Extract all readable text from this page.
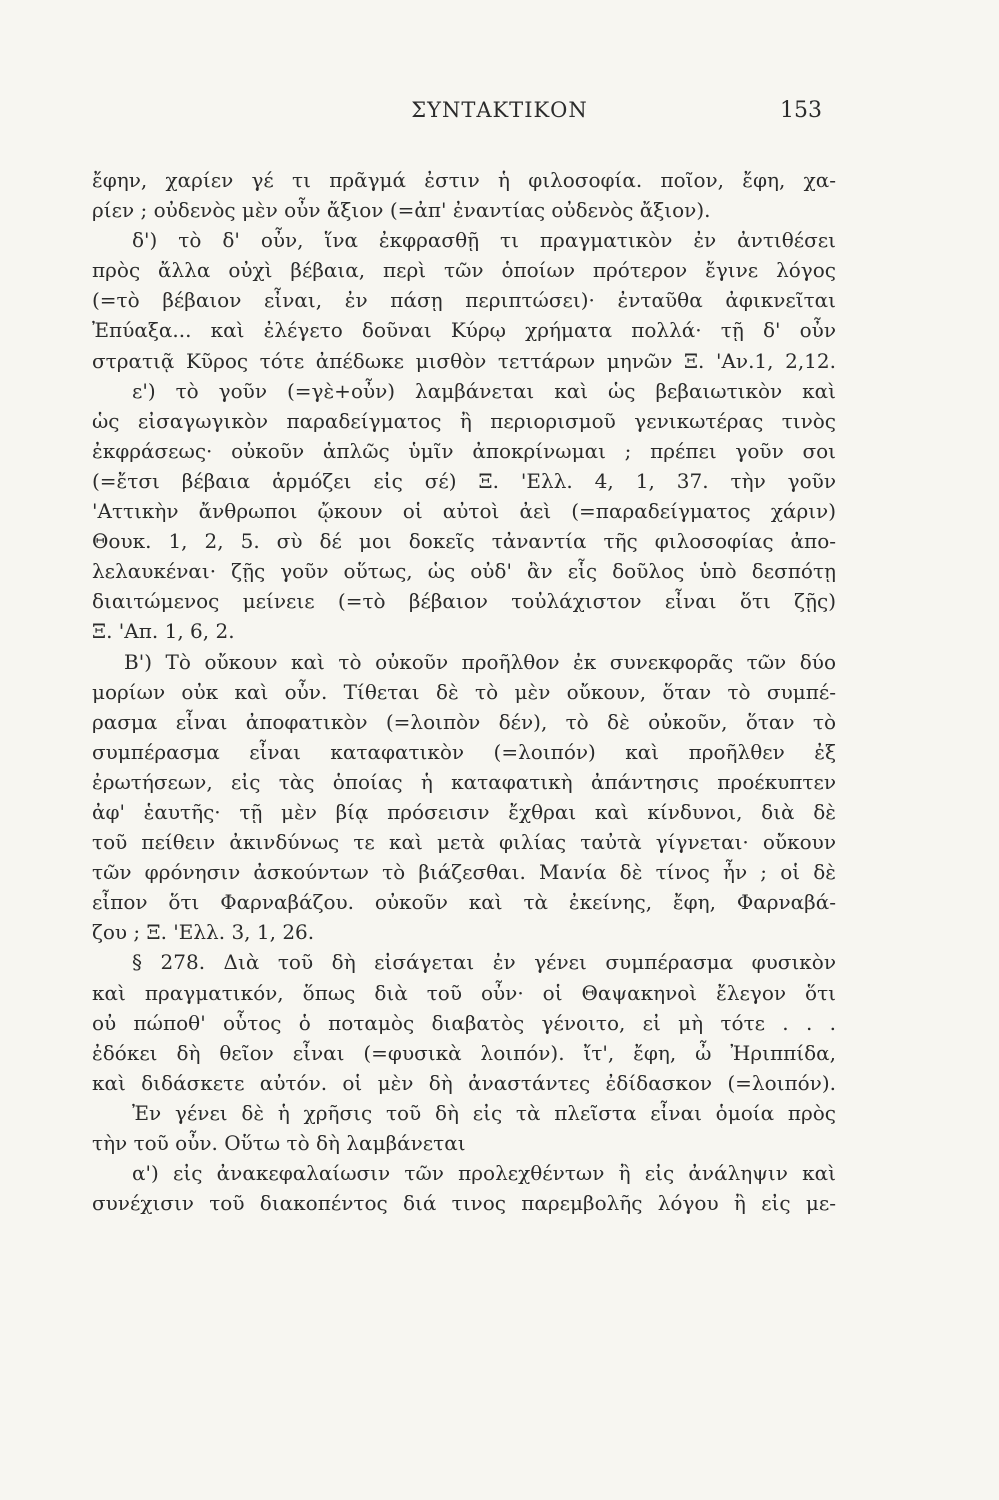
ΣΥΝΤΑΚΤΙΚΟΝ	153
ἔφην, χαρίεν γέ τι πρᾶγμά ἐστιν ἡ φιλοσοφία. ποῖον, ἔφη, χα-
ρίεν ; οὐδενὸς μὲν οὖν ἄξιον (=ἀπ' ἐναντίας οὐδενὸς ἄξιον).
δ') τὸ δ' οὖν, ἵνα ἐκφρασθῇ τι πραγματικὸν ἐν ἀντιθέσει
πρὸς ἄλλα οὐχὶ βέβαια, περὶ τῶν ὁποίων πρότερον ἔγινε λόγος
(=τὸ βέβαιον εἶναι, ἐν πάσῃ περιπτώσει)· ἐνταῦθα ἀφικνεῖται
Ἐπύαξα... καὶ ἐλέγετο δοῦναι Κύρῳ χρήματα πολλά· τῇ δ' οὖν
στρατιᾷ Κῦρος τότε ἀπέδωκε μισθὸν τεττάρων μηνῶν Ξ. 'Αν.1, 2,12.
ε') τὸ γοῦν (=γὲ+οὖν) λαμβάνεται καὶ ὡς βεβαιωτικὸν καὶ
ὡς εἰσαγωγικὸν παραδείγματος ἢ περιορισμοῦ γενικωτέρας τινὸς
ἐκφράσεως· οὐκοῦν ἁπλῶς ὑμῖν ἀποκρίνωμαι ; πρέπει γοῦν σοι
(=ἔτσι βέβαια ἁρμόζει εἰς σέ) Ξ. 'Ελλ. 4, 1, 37. τὴν γοῦν
'Αττικὴν ἄνθρωποι ᾤκουν οἱ αὐτοὶ ἀεὶ (=παραδείγματος χάριν)
Θουκ. 1, 2, 5. σὺ δέ μοι δοκεῖς τἀναντία τῆς φιλοσοφίας ἀπο-
λελαυκέναι· ζῇς γοῦν οὕτως, ὡς οὐδ' ἂν εἷς δοῦλος ὑπὸ δεσπότῃ
διαιτώμενος μείνειε (=τὸ βέβαιον τοὐλάχιστον εἶναι ὅτι ζῇς)
Ξ. 'Απ. 1, 6, 2.
Β') Τὸ οὔκουν καὶ τὸ οὐκοῦν προῆλθον ἐκ συνεκφορᾶς τῶν δύο
μορίων οὐκ καὶ οὖν. Τίθεται δὲ τὸ μὲν οὔκουν, ὅταν τὸ συμπέ-
ρασμα εἶναι ἀποφατικὸν (=λοιπὸν δέν), τὸ δὲ οὐκοῦν, ὅταν τὸ
συμπέρασμα εἶναι καταφατικὸν (=λοιπόν) καὶ προῆλθεν ἐξ
ἐρωτήσεων, εἰς τὰς ὁποίας ἡ καταφατικὴ ἀπάντησις προέκυπτεν
ἀφ' ἑαυτῆς· τῇ μὲν βίᾳ πρόσεισιν ἔχθραι καὶ κίνδυνοι, διὰ δὲ
τοῦ πείθειν ἀκινδύνως τε καὶ μετὰ φιλίας ταὐτὰ γίγνεται· οὔκουν
τῶν φρόνησιν ἀσκούντων τὸ βιάζεσθαι. Μανία δὲ τίνος ἦν ; οἱ δὲ
εἶπον ὅτι Φαρναβάζου. οὐκοῦν καὶ τὰ ἐκείνης, ἔφη, Φαρναβά-
ζου ; Ξ. 'Ελλ. 3, 1, 26.
§ 278. Διὰ τοῦ δὴ εἰσάγεται ἐν γένει συμπέρασμα φυσικὸν
καὶ πραγματικόν, ὅπως διὰ τοῦ οὖν· οἱ Θαψακηνοὶ ἔλεγον ὅτι
οὐ πώποθ' οὗτος ὁ ποταμὸς διαβατὸς γένοιτο, εἰ μὴ τότε . . .
ἐδόκει δὴ θεῖον εἶναι (=φυσικὰ λοιπόν). ἴτ', ἔφη, ὦ Ἠριππίδα,
καὶ διδάσκετε αὐτόν. οἱ μὲν δὴ ἀναστάντες ἐδίδασκον (=λοιπόν).
Ἐν γένει δὲ ἡ χρῆσις τοῦ δὴ εἰς τὰ πλεῖστα εἶναι ὁμοία πρὸς
τὴν τοῦ οὖν. Οὕτω τὸ δὴ λαμβάνεται
α') εἰς ἀνακεφαλαίωσιν τῶν προλεχθέντων ἢ εἰς ἀνάληψιν καὶ
συνέχισιν τοῦ διακοπέντος διά τινος παρεμβολῆς λόγου ἢ εἰς με-
